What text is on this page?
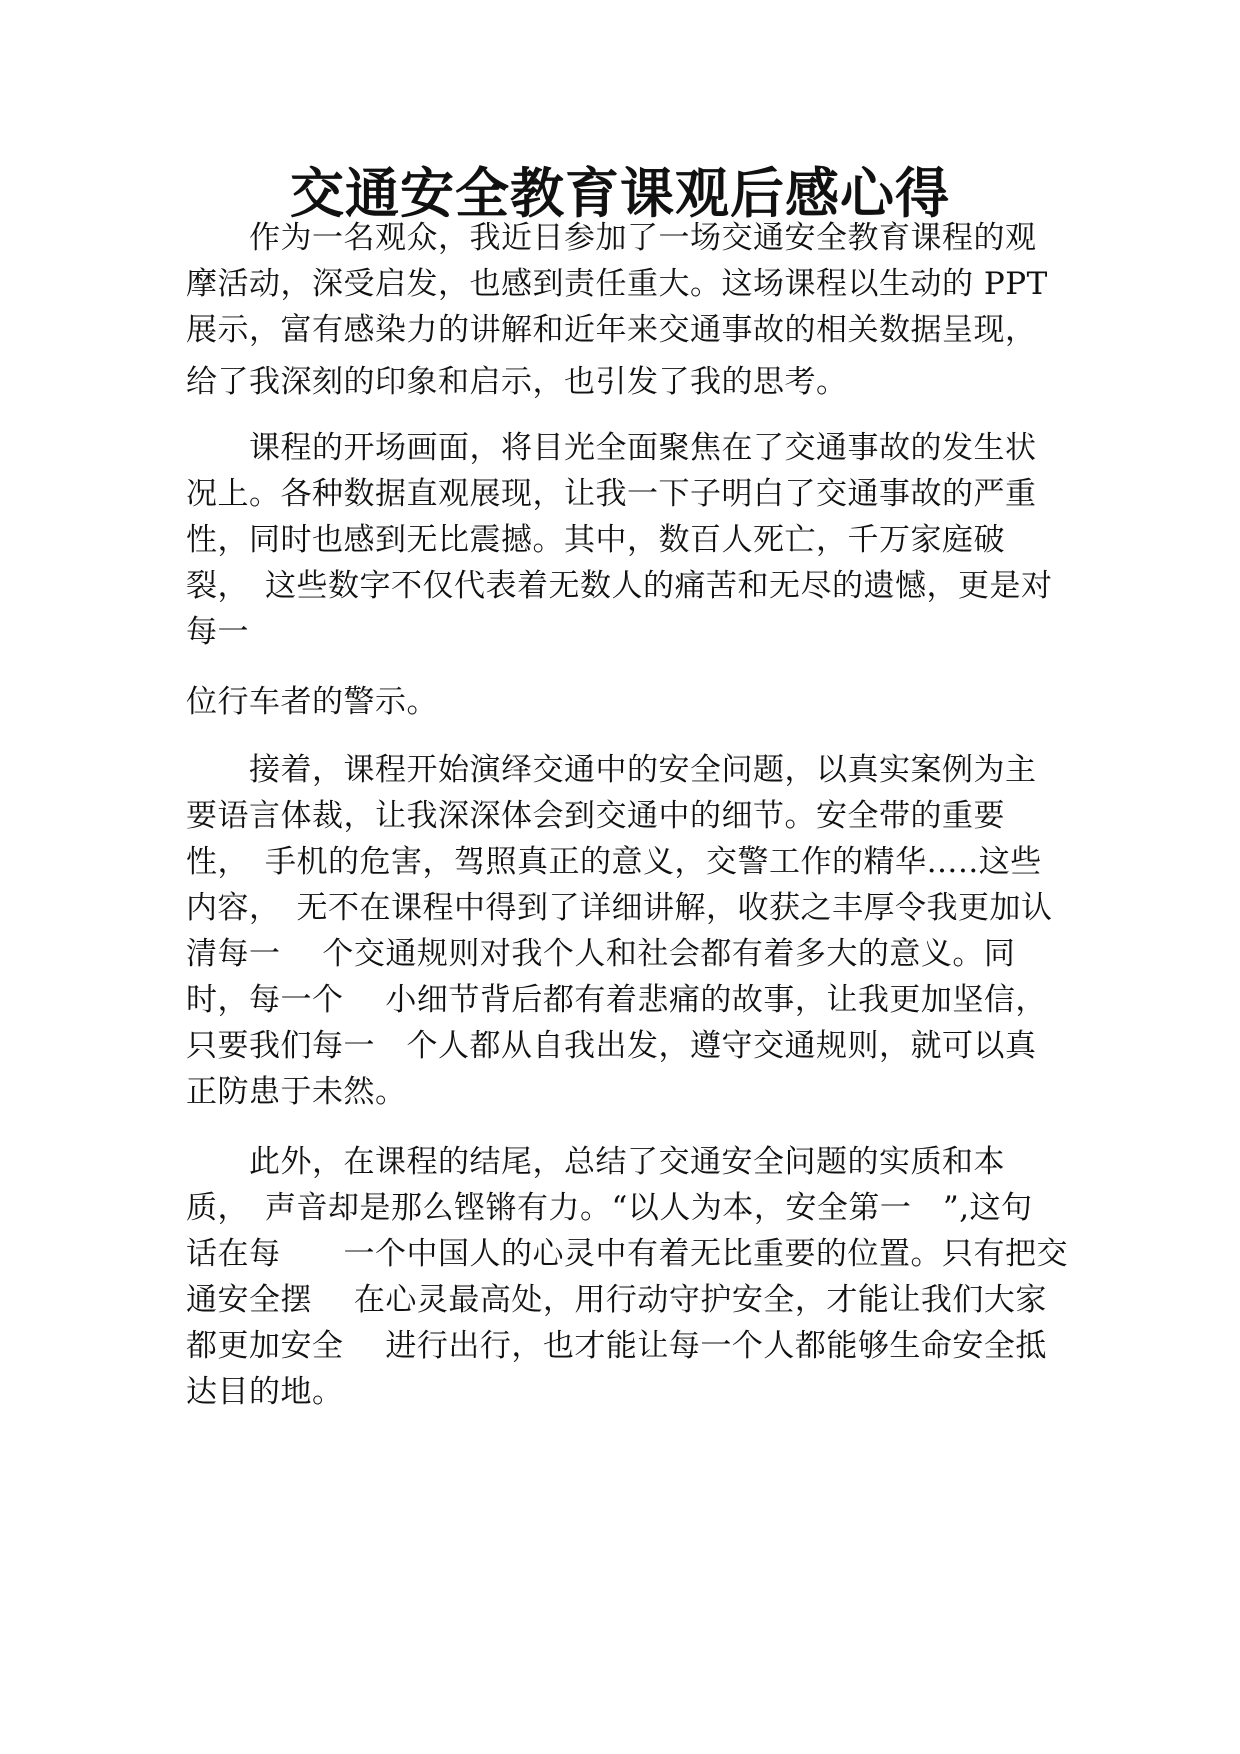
交通安全教育课观后感心得
　　作为一名观众，我近日参加了一场交通安全教育课程的观
摩活动，深受启发，也感到责任重大。这场课程以生动的 PPT
展示，富有感染力的讲解和近年来交通事故的相关数据呈现，
给了我深刻的印象和启示，也引发了我的思考。
　　课程的开场画面，将目光全面聚焦在了交通事故的发生状
况上。各种数据直观展现，让我一下子明白了交通事故的严重
性，同时也感到无比震撼。其中，数百人死亡，千万家庭破
裂，　这些数字不仅代表着无数人的痛苦和无尽的遗憾，更是对
每一
位行车者的警示。
　　接着，课程开始演绎交通中的安全问题，以真实案例为主
要语言体裁，让我深深体会到交通中的细节。安全带的重要
性，　手机的危害，驾照真正的意义，交警工作的精华…..这些
内容，　无不在课程中得到了详细讲解，收获之丰厚令我更加认
清每一　 个交通规则对我个人和社会都有着多大的意义。同
时，每一个　 小细节背后都有着悲痛的故事，让我更加坚信，
只要我们每一　个人都从自我出发，遵守交通规则，就可以真
正防患于未然。
　　此外，在课程的结尾，总结了交通安全问题的实质和本
质，　声音却是那么铿锵有力。“以人为本，安全第一　”,这句
话在每　　一个中国人的心灵中有着无比重要的位置。只有把交
通安全摆　 在心灵最高处，用行动守护安全，才能让我们大家
都更加安全　 进行出行，也才能让每一个人都能够生命安全抵
达目的地。
